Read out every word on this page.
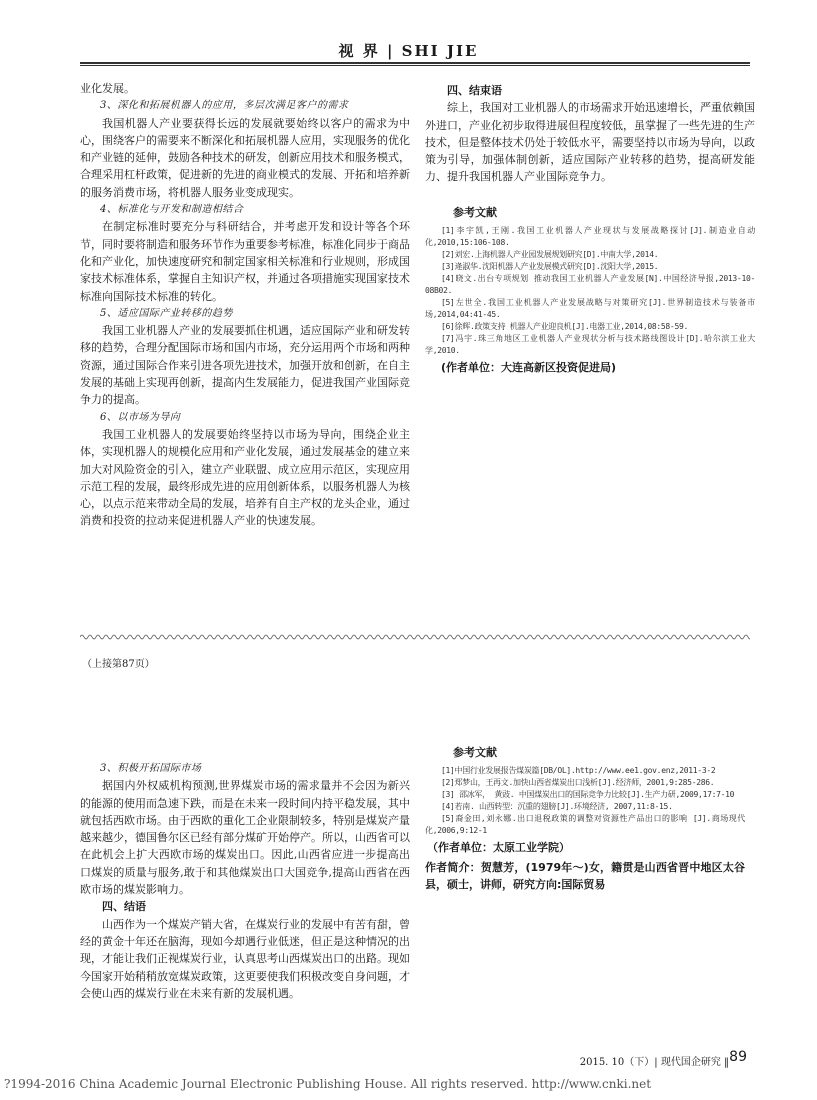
视 界 | SHI JIE

业化发展。

3、深化和拓展机器人的应用，多层次满足客户的需求

我国机器人产业要获得长远的发展就要始终以客户的需求为中心，围绕客户的需要来不断深化和拓展机器人应用，实现服务的优化和产业链的延伸，鼓励各种技术的研发，创新应用技术和服务模式，合理采用杠杆政策，促进新的先进的商业模式的发展、开拓和培养新的服务消费市场，将机器人服务业变成现实。

4、标准化与开发和制造相结合

在制定标准时要充分与科研结合，并考虑开发和设计等各个环节，同时要将制造和服务环节作为重要参考标准，标准化同步于商品化和产业化，加快速度研究和制定国家相关标准和行业规则，形成国家技术标准体系，掌握自主知识产权，并通过各项措施实现国家技术标准向国际技术标准的转化。

5、适应国际产业转移的趋势

我国工业机器人产业的发展要抓住机遇，适应国际产业和研发转移的趋势，合理分配国际市场和国内市场，充分运用两个市场和两种资源，通过国际合作来引进各项先进技术，加强开放和创新，在自主发展的基础上实现再创新，提高内生发展能力，促进我国产业国际竞争力的提高。

6、以市场为导向

我国工业机器人的发展要始终坚持以市场为导向，围绕企业主体，实现机器人的规模化应用和产业化发展，通过发展基金的建立来加大对风险资金的引入，建立产业联盟、成立应用示范区，实现应用示范工程的发展，最终形成先进的应用创新体系，以服务机器人为核心，以点示范来带动全局的发展，培养有自主产权的龙头企业，通过消费和投资的拉动来促进机器人产业的快速发展。

四、结束语

综上，我国对工业机器人的市场需求开始迅速增长，严重依赖国外进口，产业化初步取得进展但程度较低，虽掌握了一些先进的生产技术，但是整体技术仍处于较低水平，需要坚持以市场为导向，以政策为引导，加强体制创新，适应国际产业转移的趋势，提高研发能力、提升我国机器人产业国际竞争力。

参考文献

[1]李宇凯,王刚.我国工业机器人产业现状与发展战略探讨[J].制造业自动化,2010,15:106-108.

[2]刘宏.上海机器人产业园发展规划研究[D].中南大学,2014.

[3]逄淑华.沈阳机器人产业发展模式研究[D].沈阳大学,2015.

[4]晓文.出台专项规划 推动我国工业机器人产业发展[N].中国经济导报,2013-10-08B02.

[5]左世全.我国工业机器人产业发展战略与对策研究[J].世界制造技术与装备市场,2014,04:41-45.

[6]徐辉.政策支持 机器人产业迎良机[J].电器工业,2014,08:58-59.

[7]冯宇.珠三角地区工业机器人产业现状分析与技术路线图设计[D].哈尔滨工业大学,2010.

(作者单位：大连高新区投资促进局)
（上接第87页）

3、积极开拓国际市场

据国内外权威机构预测,世界煤炭市场的需求量并不会因为新兴的能源的使用而急速下跌，而是在未来一段时间内持平稳发展，其中就包括西欧市场。由于西欧的重化工企业限制较多，特别是煤炭产量越来越少，德国鲁尔区已经有部分煤矿开始停产。所以，山西省可以在此机会上扩大西欧市场的煤炭出口。因此,山西省应进一步提高出口煤炭的质量与服务,敢于和其他煤炭出口大国竞争,提高山西省在西欧市场的煤炭影响力。

四、结语

山西作为一个煤炭产销大省，在煤炭行业的发展中有苦有甜，曾经的黄金十年还在脑海，现如今却遇行业低迷，但正是这种情况的出现，才能让我们正视煤炭行业，认真思考山西煤炭出口的出路。现如今国家开始稍稍放宽煤炭政策，这更要使我们积极改变自身问题，才会使山西的煤炭行业在未来有新的发展机遇。

参考文献

[1]中国行业发展报告煤炭篇[DB/OL].http://www.ee1.gov.enz,2011-3-2

[2]郑梦山，王再文.加快山西省煤炭出口浅析[J].经济师，2001,9:285-286.

[3] 邵冰军， 黄豉. 中国煤炭出口的国际竞争力比较[J].生产力研,2009,17:7-10

[4]若南. 山西转型：沉重的翅膀[J].环境经济, 2007,11:8-15.

[5]裔金田,刘永娜.出口退税政策的调整对资源性产品出口的影响 [J].商场现代化,2006,9:12-1

（作者单位：太原工业学院）
作者简介：贺慧芳，(1979年～)女，籍贯是山西省晋中地区太谷县，硕士，讲师，研究方向:国际贸易
2015. 10（下）| 现代国企研究 ‖ 89
?1994-2016 China Academic Journal Electronic Publishing House. All rights reserved. http://www.cnki.net
